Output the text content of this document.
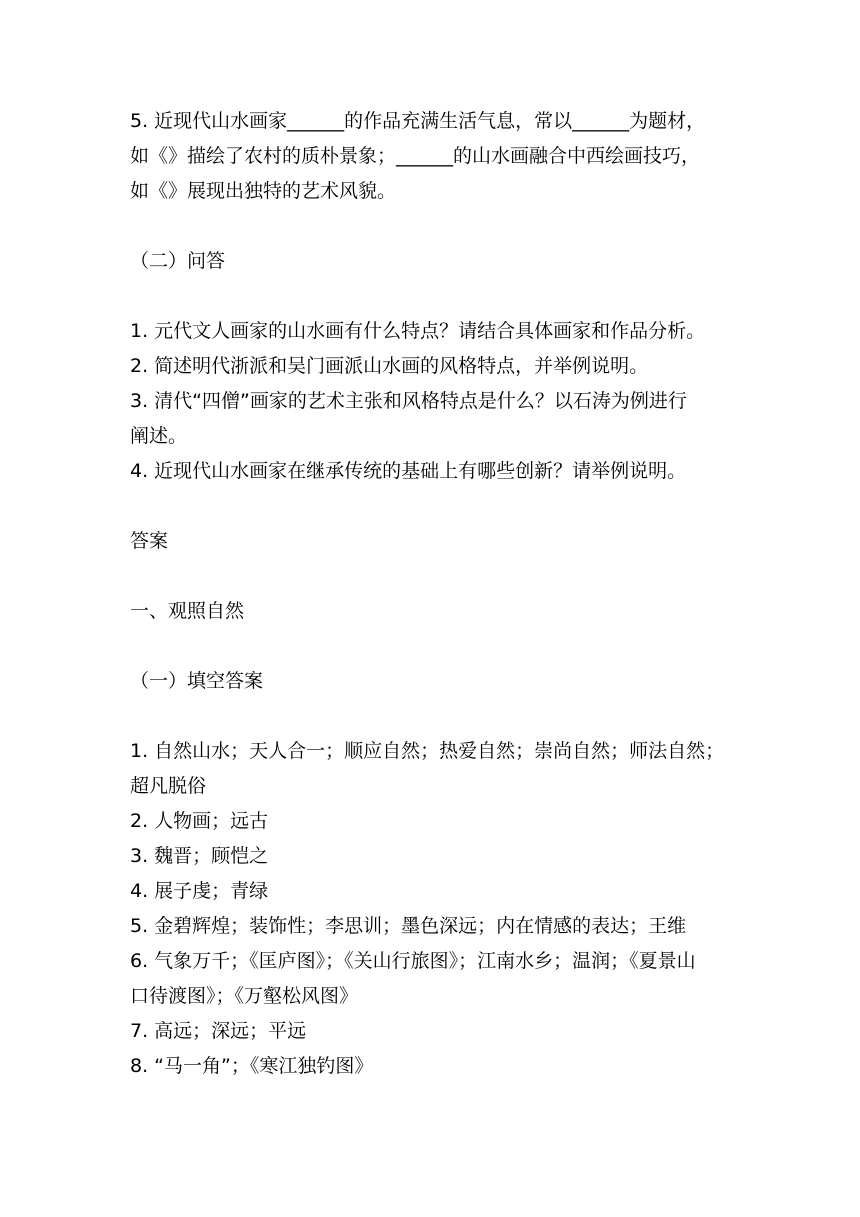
5. 近现代山水画家______的作品充满生活气息，常以______为题材，

如《》描绘了农村的质朴景象；______的山水画融合中西绘画技巧，

如《》展现出独特的艺术风貌。

（二）问答

1. 元代文人画家的山水画有什么特点？请结合具体画家和作品分析。

2. 简述明代浙派和吴门画派山水画的风格特点，并举例说明。

3. 清代“四僧”画家的艺术主张和风格特点是什么？以石涛为例进行

阐述。

4. 近现代山水画家在继承传统的基础上有哪些创新？请举例说明。

答案

一、观照自然

（一）填空答案

1. 自然山水；天人合一；顺应自然；热爱自然；崇尚自然；师法自然；

超凡脱俗

2. 人物画；远古

3. 魏晋；顾恺之

4. 展子虔；青绿

5. 金碧辉煌；装饰性；李思训；墨色深远；内在情感的表达；王维

6. 气象万千；《匡庐图》；《关山行旅图》；江南水乡；温润；《夏景山

口待渡图》；《万壑松风图》

7. 高远；深远；平远

8. “马一角”；《寒江独钓图》
